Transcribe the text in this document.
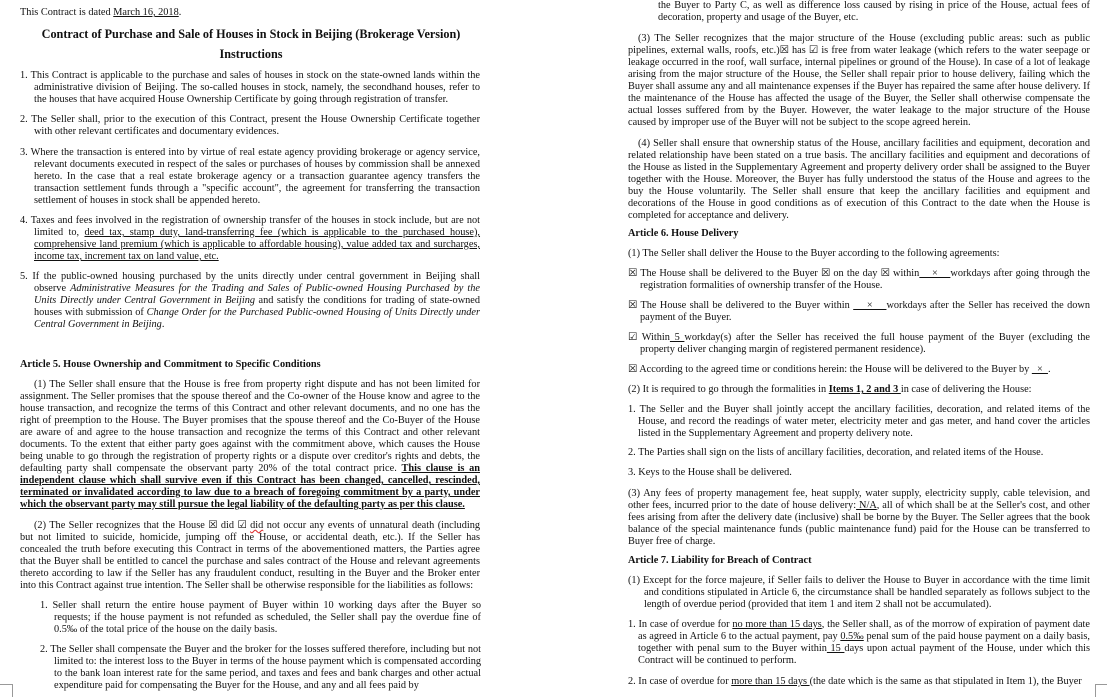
Contract of Purchase and Sale of Houses in Stock in Beijing (Brokerage Version)
Instructions

This Contract is dated March 16, 2018.

1. This Contract is applicable to the purchase and sales of houses in stock on the state-owned lands within the administrative division of Beijing. The so-called houses in stock, namely, the secondhand houses, refer to the houses that have acquired House Ownership Certificate by going through registration of transfer.

2. The Seller shall, prior to the execution of this Contract, present the House Ownership Certificate together with other relevant certificates and documentary evidences.

3. Where the transaction is entered into by virtue of real estate agency providing brokerage or agency service, relevant documents executed in respect of the sales or purchases of houses by commission shall be annexed hereto. In the case that a real estate brokerage agency or a transaction guarantee agency transfers the transaction settlement funds through a "specific account", the agreement for transferring the transaction settlement of houses in stock shall be appended hereto.

4. Taxes and fees involved in the registration of ownership transfer of the houses in stock include, but are not limited to, deed tax, stamp duty, land-transferring fee (which is applicable to the purchased house), comprehensive land premium (which is applicable to affordable housing), value added tax and surcharges, income tax, increment tax on land value, etc.

5. If the public-owned housing purchased by the units directly under central government in Beijing shall observe Administrative Measures for the Trading and Sales of Public-owned Housing Purchased by the Units Directly under Central Government in Beijing and satisfy the conditions for trading of state-owned houses with submission of Change Order for the Purchased Public-owned Housing of Units Directly under Central Government in Beijing.

Article 5. House Ownership and Commitment to Specific Conditions

(1) The Seller shall ensure that the House is free from property right dispute and has not been limited for assignment. The Seller promises that the spouse thereof and the Co-owner of the House know and agree to the house transaction, and recognize the terms of this Contract and other relevant documents, and no one has the right of preemption to the House. The Buyer promises that the spouse thereof and the Co-Buyer of the House are aware of and agree to the house transaction and recognize the terms of this Contract and other relevant documents. To the extent that either party goes against with the commitment above, which causes the House being unable to go through the registration of property rights or a dispute over creditor's rights and debts, the defaulting party shall compensate the observant party 20% of the total contract price. This clause is an independent clause which shall survive even if this Contract has been changed, cancelled, rescinded, terminated or invalidated according to law due to a breach of foregoing commitment by a party, under which the observant party may still pursue the legal liability of the defaulting party as per this clause.

(2) The Seller recognizes that the House ☒ did ☑ did not occur any events of unnatural death (including but not limited to suicide, homicide, jumping off the House, or accidental death, etc.). If the Seller has concealed the truth before executing this Contract in terms of the abovementioned matters, the Parties agree that the Buyer shall be entitled to cancel the purchase and sales contract of the House and relevant agreements thereto according to law if the Seller has any fraudulent conduct, resulting in the Buyer and the Broker enter into this Contract against true intention. The Seller shall be otherwise responsible for the liabilities as follows:

1. Seller shall return the entire house payment of Buyer within 10 working days after the Buyer so requests; if the house payment is not refunded as scheduled, the Seller shall pay the overdue fine of 0.5‰ of the total price of the house on the daily basis.

2. The Seller shall compensate the Buyer and the broker for the losses suffered therefore, including but not limited to: the interest loss to the Buyer in terms of the house payment which is compensated according to the bank loan interest rate for the same period, and taxes and fees and bank charges and other actual expenditure paid for compensating the Buyer for the House, and any and all fees paid by

the Buyer to Party C, as well as difference loss caused by rising in price of the House, actual fees of decoration, property and usage of the Buyer, etc.

(3) The Seller recognizes that the major structure of the House (excluding public areas: such as public pipelines, external walls, roofs, etc.)☒ has ☑ is free from water leakage (which refers to the water seepage or leakage occurred in the roof, wall surface, internal pipelines or ground of the House). In case of a lot of leakage arising from the major structure of the House, the Seller shall repair prior to house delivery, failing which the Buyer shall assume any and all maintenance expenses if the Buyer has repaired the same after house delivery. If the maintenance of the House has affected the usage of the Buyer, the Seller shall otherwise compensate the actual losses suffered from by the Buyer. However, the water leakage to the major structure of the House caused by improper use of the Buyer will not be subject to the scope agreed herein.

(4) Seller shall ensure that ownership status of the House, ancillary facilities and equipment, decoration and related relationship have been stated on a true basis. The ancillary facilities and equipment and decorations of the House as listed in the Supplementary Agreement and property delivery order shall be assigned to the Buyer together with the House. Moreover, the Buyer has fully understood the status of the House and agrees to the buy the House voluntarily. The Seller shall ensure that keep the ancillary facilities and equipment and decorations of the House in good conditions as of execution of this Contract to the date when the House is completed for acceptance and delivery.

Article 6. House Delivery

(1) The Seller shall deliver the House to the Buyer according to the following agreements:

☒ The House shall be delivered to the Buyer ☒ on the day ☒ within    ×    workdays after going through the registration formalities of ownership transfer of the House.

☒ The House shall be delivered to the Buyer within     ×    workdays after the Seller has received the down payment of the Buyer.

☑ Within 5 workday(s) after the Seller has received the full house payment of the Buyer (excluding the property deliver changing margin of registered permanent residence).

☒ According to the agreed time or conditions herein: the House will be delivered to the Buyer by   ×  .

(2) It is required to go through the formalities in Items 1, 2 and 3 in case of delivering the House:

1. The Seller and the Buyer shall jointly accept the ancillary facilities, decoration, and related items of the House, and record the readings of water meter, electricity meter and gas meter, and hand cover the articles listed in the Supplementary Agreement and property delivery note.

2. The Parties shall sign on the lists of ancillary facilities, decoration, and related items of the House.

3. Keys to the House shall be delivered.

(3) Any fees of property management fee, heat supply, water supply, electricity supply, cable television, and other fees, incurred prior to the date of house delivery: N/A, all of which shall be at the Seller's cost, and other fees arising from after the delivery date (inclusive) shall be borne by the Buyer. The Seller agrees that the book balance of the special maintenance funds (public maintenance fund) paid for the House can be transferred to Buyer free of charge.

Article 7. Liability for Breach of Contract

(1) Except for the force majeure, if Seller fails to deliver the House to Buyer in accordance with the time limit and conditions stipulated in Article 6, the circumstance shall be handled separately as follows subject to the length of overdue period (provided that item 1 and item 2 shall not be accumulated).

1. In case of overdue for no more than 15 days, the Seller shall, as of the morrow of expiration of payment date as agreed in Article 6 to the actual payment, pay 0.5‰ penal sum of the paid house payment on a daily basis, together with penal sum to the Buyer within 15 days upon actual payment of the House, under which this Contract will be continued to perform.

2. In case of overdue for more than 15 days (the date which is the same as that stipulated in Item 1), the Buyer
